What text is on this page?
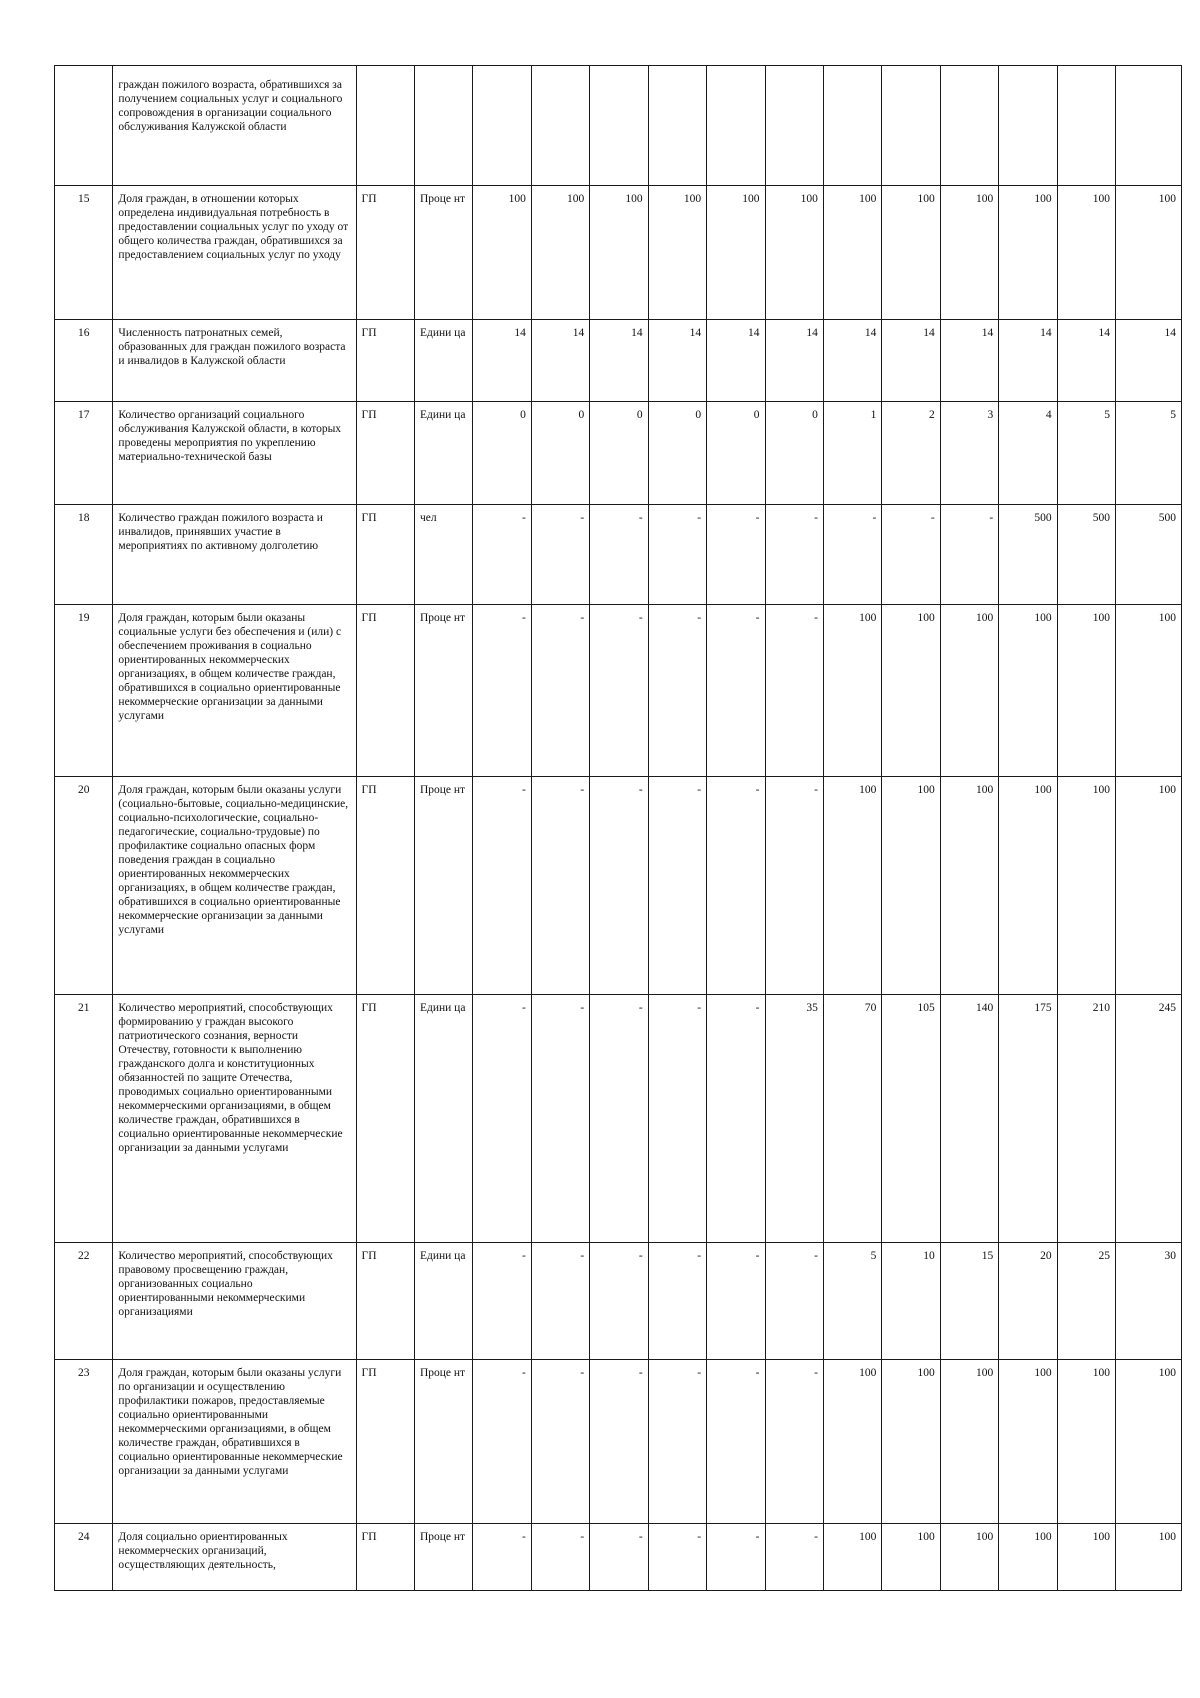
	граждан пожилого возраста, обратившихся за получением социальных услуг и социального сопровождения в организации социального обслуживания Калужской области														
15	Доля граждан, в отношении которых определена индивидуальная потребность в предоставлении социальных услуг по уходу от общего количества граждан, обратившихся за предоставлением социальных услуг по уходу	ГП	Проце нт	100	100	100	100	100	100	100	100	100	100	100	100
16	Численность патронатных семей, образованных для граждан пожилого возраста и инвалидов в Калужской области	ГП	Едини ца	14	14	14	14	14	14	14	14	14	14	14	14
17	Количество организаций социального обслуживания Калужской области, в которых проведены мероприятия по укреплению материально-технической базы	ГП	Едини ца	0	0	0	0	0	0	1	2	3	4	5	5
18	Количество граждан пожилого возраста и инвалидов, принявших участие в мероприятиях по активному долголетию	ГП	чел	-	-	-	-	-	-	-	-	-	500	500	500
19	Доля граждан, которым были оказаны социальные услуги без обеспечения и (или) с обеспечением проживания в социально ориентированных некоммерческих организациях, в общем количестве граждан, обратившихся в социально ориентированные некоммерческие организации за данными услугами	ГП	Проце нт	-	-	-	-	-	-	100	100	100	100	100	100
20	Доля граждан, которым были оказаны услуги (социально-бытовые, социально-медицинские, социально-психологические, социально-педагогические, социально-трудовые) по профилактике социально опасных форм поведения граждан в социально ориентированных некоммерческих организациях, в общем количестве граждан, обратившихся в социально ориентированные некоммерческие организации за данными услугами	ГП	Проце нт	-	-	-	-	-	-	100	100	100	100	100	100
21	Количество мероприятий, способствующих формированию у граждан высокого патриотического сознания, верности Отечеству, готовности к выполнению гражданского долга и конституционных обязанностей по защите Отечества, проводимых социально ориентированными некоммерческими организациями, в общем количестве граждан, обратившихся в социально ориентированные некоммерческие организации за данными услугами	ГП	Едини ца	-	-	-	-	-	35	70	105	140	175	210	245
22	Количество мероприятий, способствующих правовому просвещению граждан, организованных социально ориентированными некоммерческими организациями	ГП	Едини ца	-	-	-	-	-	-	5	10	15	20	25	30
23	Доля граждан, которым были оказаны услуги по организации и осуществлению профилактики пожаров, предоставляемые социально ориентированными некоммерческими организациями, в общем количестве граждан, обратившихся в социально ориентированные некоммерческие организации за данными услугами	ГП	Проце нт	-	-	-	-	-	-	100	100	100	100	100	100
24	Доля социально ориентированных некоммерческих организаций, осуществляющих деятельность,	ГП	Проце нт	-	-	-	-	-	-	100	100	100	100	100	100
